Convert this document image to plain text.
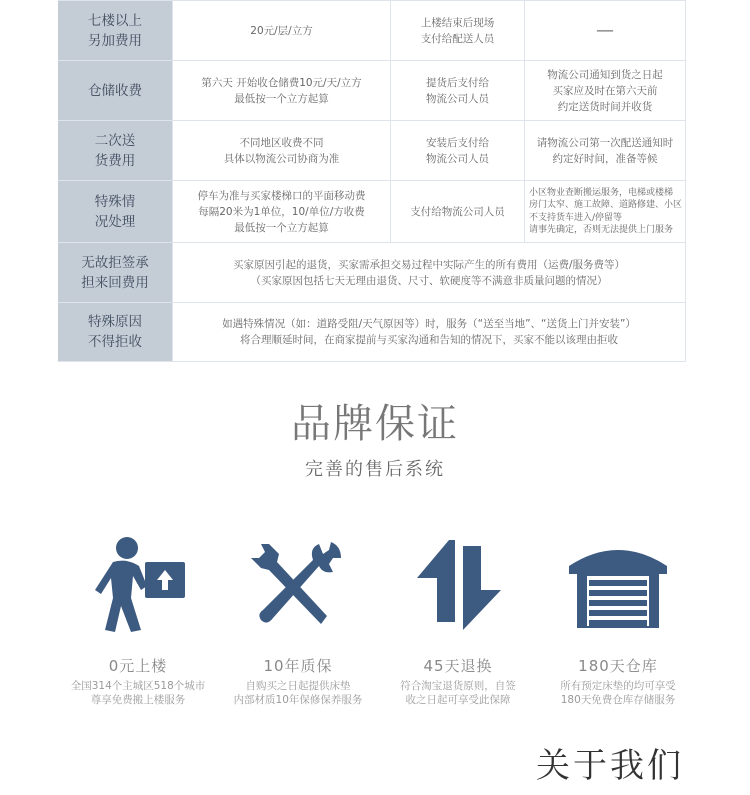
七楼以上
另加费用
20元/层/立方
上楼结束后现场
支付给配送人员	—
仓储收费	第六天 开始收仓储费10元/天/立方
最低按一个立方起算
提货后支付给
物流公司人员
物流公司通知到货之日起
买家应及时在第六天前
约定送货时间并收货
二次送
货费用
不同地区收费不同
具体以物流公司协商为准
安装后支付给
物流公司人员
请物流公司第一次配送通知时
约定好时间，准备等候
特殊情
况处理
停车为准与买家楼梯口的平面移动费
每隔20米为1单位，10/单位/方收费
最低按一个立方起算
支付给物流公司人员
小区物业查断搬运服务，电梯或楼梯
房门太窄、施工故障、道路修建、小区
不支持货车进入/停留等
请事先确定，否则无法提供上门服务
无故拒签承
担来回费用
买家原因引起的退货，买家需承担交易过程中实际产生的所有费用（运费/服务费等）
（买家原因包括七天无理由退货、尺寸、软硬度等不满意非质量问题的情况）
特殊原因
不得拒收
如遇特殊情况（如：道路受阻/天气原因等）时，服务（“送至当地”、“送货上门并安装”）
将合理顺延时间，在商家提前与买家沟通和告知的情况下，买家不能以该理由拒收
品牌保证
完善的售后系统
0元上楼
全国314个主城区518个城市
尊享免费搬上楼服务
10年质保
自购买之日起提供床垫
内部材质10年保修保养服务
45天退换
符合淘宝退货原则，自签
收之日起可享受此保障
180天仓库
所有预定床垫的均可享受
180天免费仓库存储服务
关于我们
